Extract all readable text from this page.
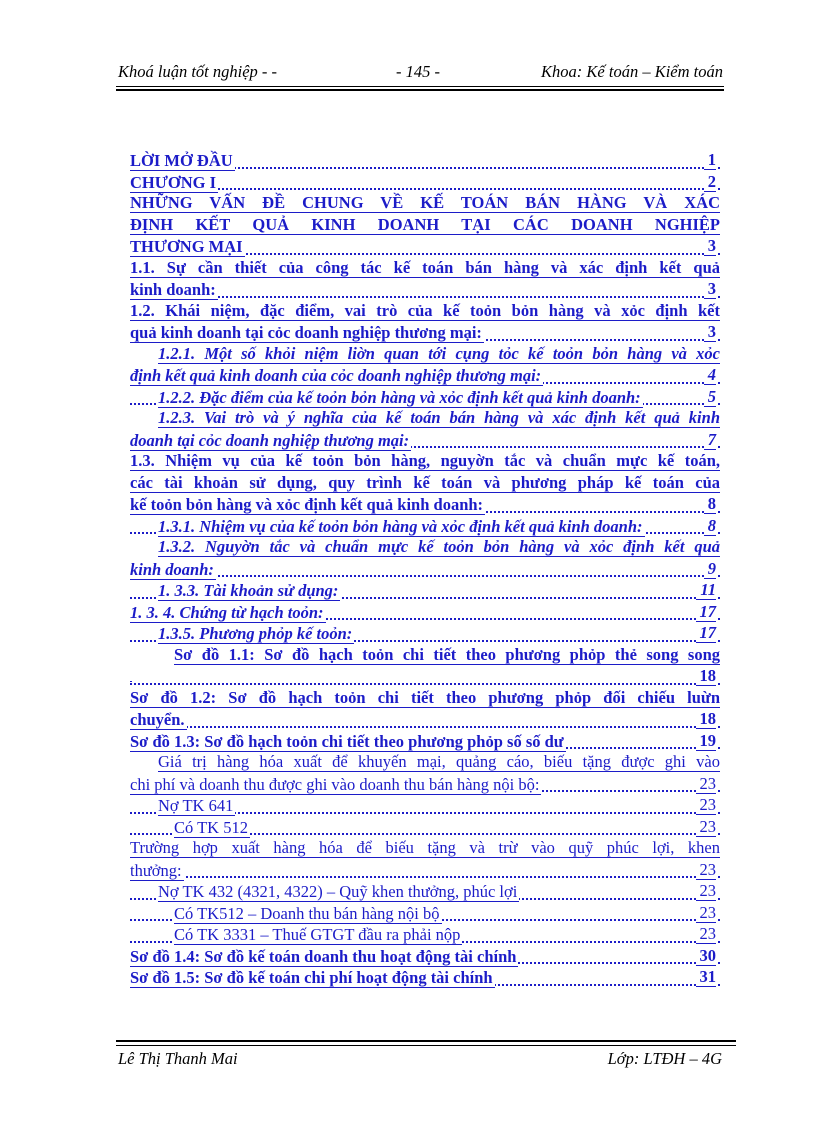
Khoá luận tốt nghiệp - -	- 145 -	Khoa: Kế toán – Kiểm toán
LỜI MỞ ĐẦU	1
CHƯƠNG I	2
NHỮNG VẤN ĐỀ CHUNG VỀ KẾ TOÁN BÁN HÀNG VÀ XÁC
ĐỊNH KẾT QUẢ KINH DOANH TẠI CÁC DOANH NGHIỆP
THƯƠNG MẠI	3
1.1. Sự cần thiết của công tác kế toán bán hàng và xác định kết quả
kinh doanh:	3
1.2. Khái niệm, đặc điểm, vai trò của kế toỏn bỏn hàng và xỏc định kết
quả kinh doanh tại cỏc doanh nghiệp thương mại:	3
1.2.1. Một số khỏi niệm liờn quan tới cụng tỏc kế toỏn bỏn hàng và xỏc
định kết quả kinh doanh của cỏc doanh nghiệp thương mại:	4
1.2.2. Đặc điểm của kế toỏn bỏn hàng và xỏc định kết quả kinh doanh:	5
1.2.3. Vai trò và ý nghĩa của kế toán bán hàng và xác định kết quả kinh
doanh tại cỏc doanh nghiệp thương mại:	7
1.3. Nhiệm vụ của kế toỏn bỏn hàng, nguyờn tắc và chuẩn mực kế toán,
các tài khoản sử dụng, quy trình kế toán và phương pháp kế toán của
kế toỏn bỏn hàng và xỏc định kết quả kinh doanh:	8
1.3.1. Nhiệm vụ của kế toỏn bỏn hàng và xỏc định kết quả kinh doanh:	8
1.3.2. Nguyờn tắc và chuẩn mực kế toỏn bỏn hàng và xỏc định kết quả
kinh doanh:	9
1. 3.3. Tài khoản sử dụng:	11
1. 3. 4. Chứng từ hạch toỏn:	17
1.3.5. Phương phỏp kế toỏn:	17
Sơ đồ 1.1: Sơ đồ hạch toỏn chi tiết theo phương phỏp thẻ song song
18
Sơ đồ 1.2: Sơ đồ hạch toỏn chi tiết theo phương phỏp đối chiếu luừn
chuyển.	18
Sơ đồ 1.3: Sơ đồ hạch toỏn chi tiết theo phương phỏp số số dư	19
Giá trị hàng hóa xuất để khuyến mại, quảng cáo, biếu tặng được ghi vào
chi phí và doanh thu được ghi vào doanh thu bán hàng nội bộ:	23
Nợ TK 641	23
Có TK 512	23
Trường hợp xuất hàng hóa để biếu tặng và trừ vào quỹ phúc lợi, khen
thưởng:	23
Nợ TK 432 (4321, 4322) – Quỹ khen thưởng, phúc lợi	23
Có TK512 – Doanh thu bán hàng nội bộ	23
Có TK 3331 – Thuế GTGT đầu ra phải nộp	23
Sơ đồ 1.4: Sơ đồ kế toán doanh thu hoạt động tài chính	30
Sơ đồ 1.5: Sơ đồ kế toán chi phí hoạt động tài chính	31
Lê Thị Thanh Mai	Lớp: LTĐH – 4G
